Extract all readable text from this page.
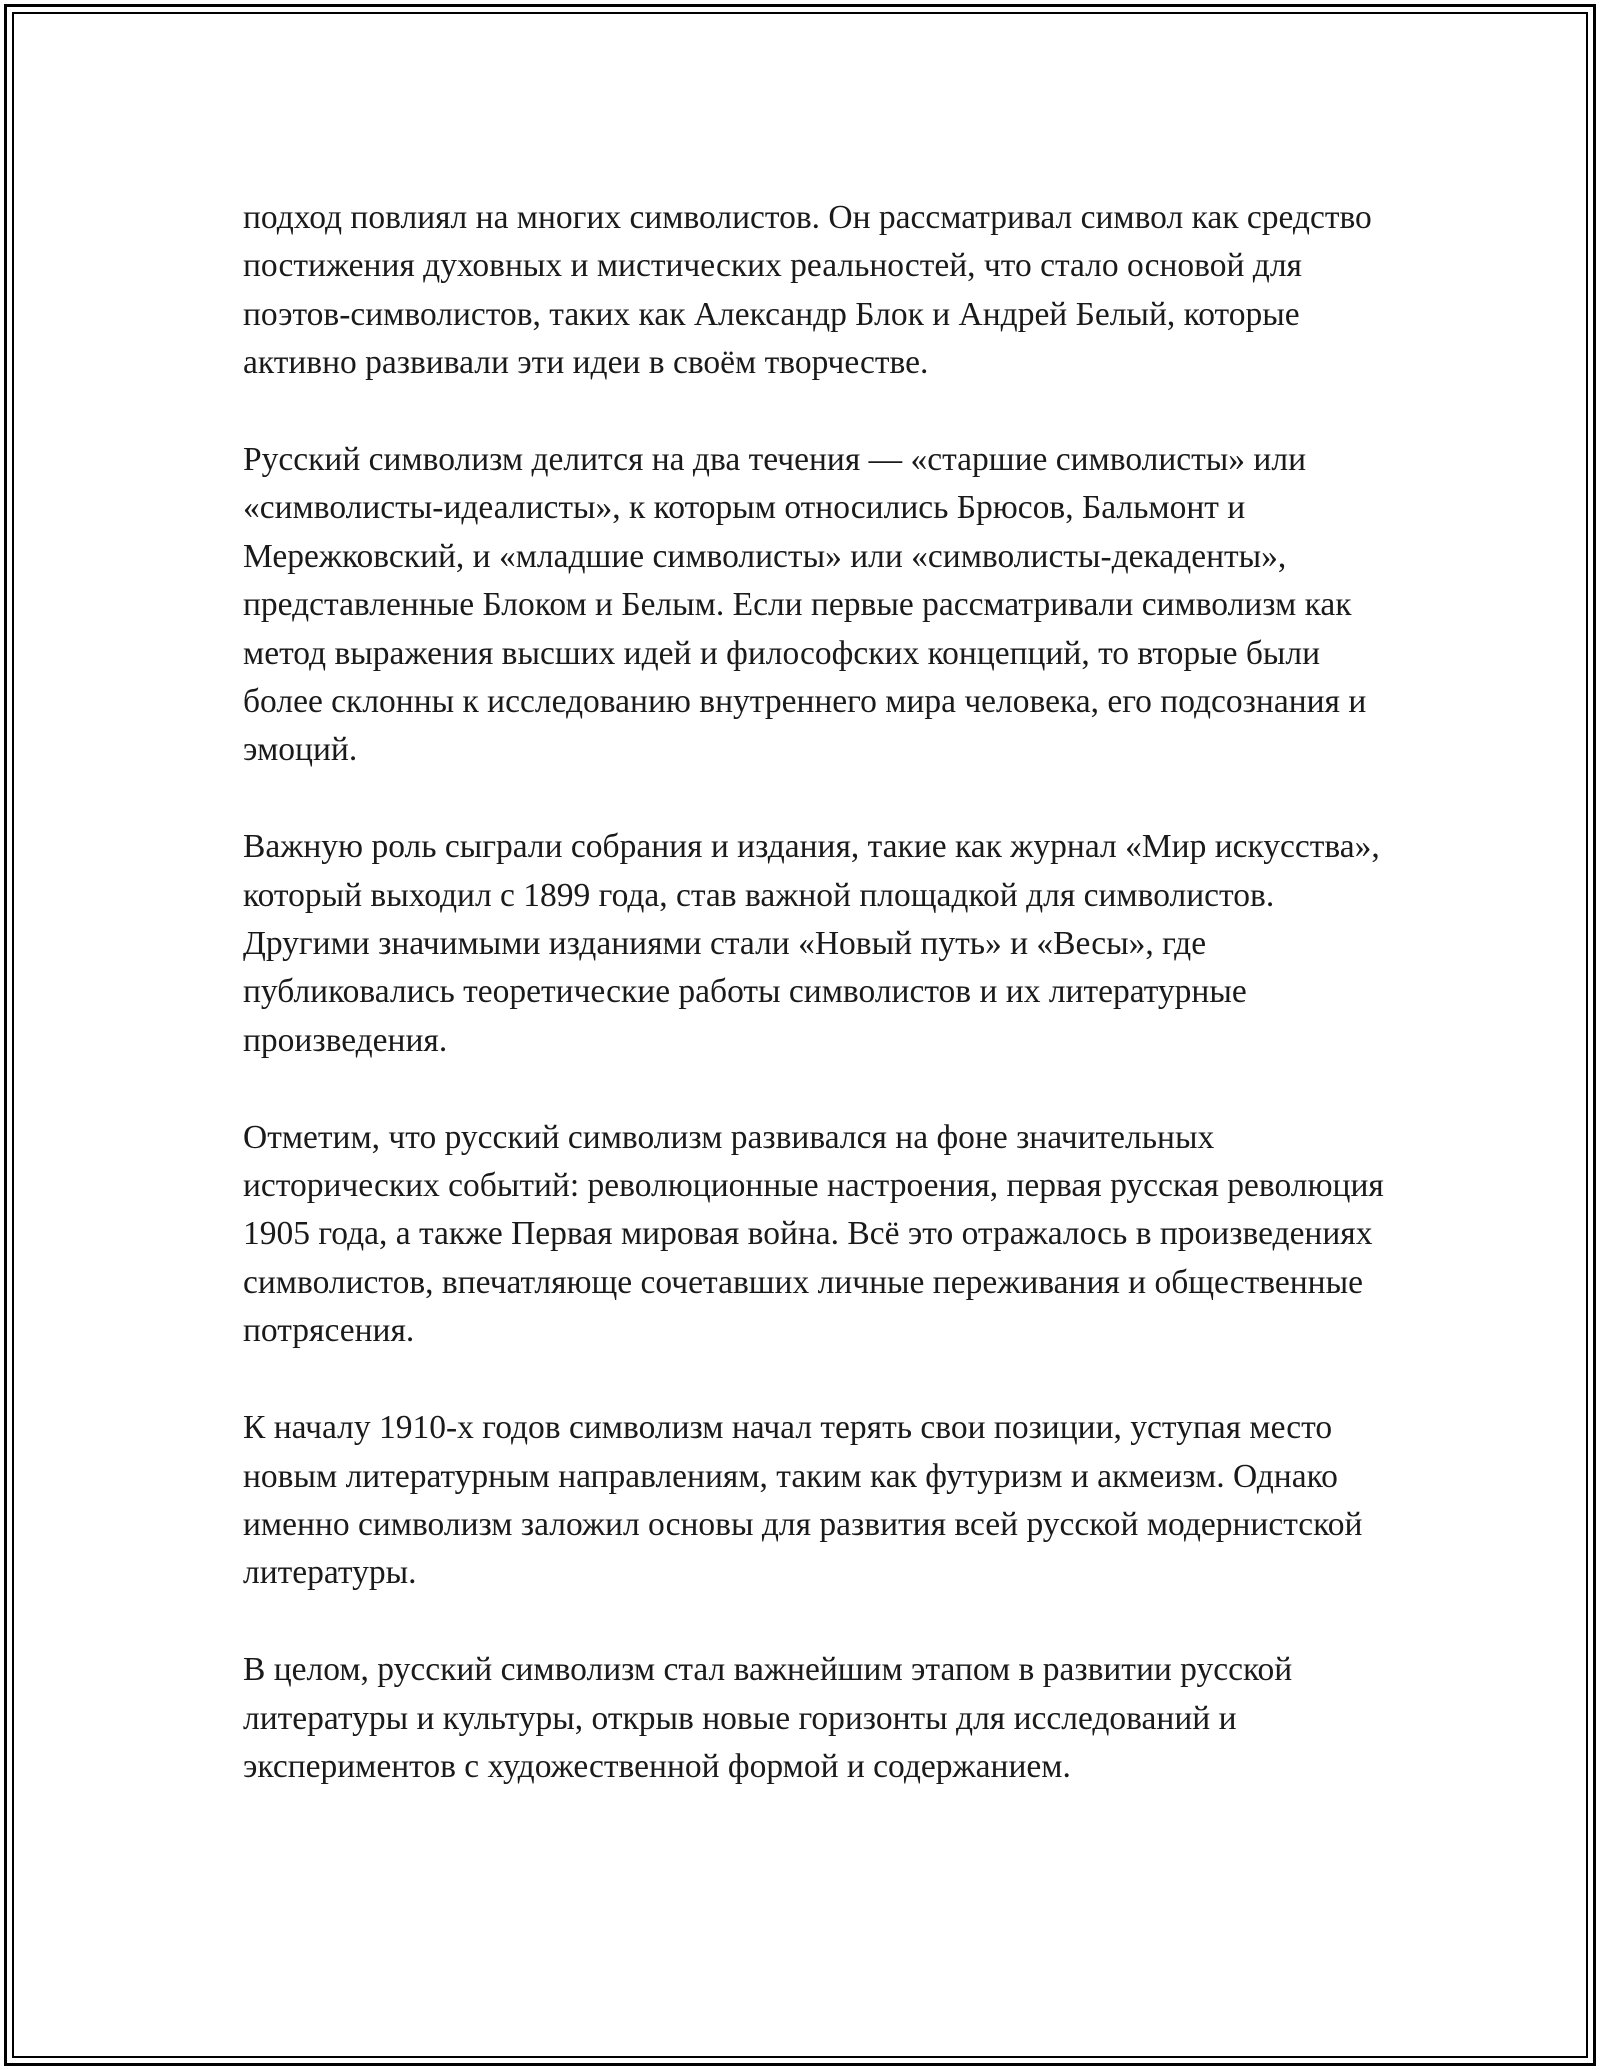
подход повлиял на многих символистов. Он рассматривал символ как средство постижения духовных и мистических реальностей, что стало основой для поэтов-символистов, таких как Александр Блок и Андрей Белый, которые активно развивали эти идеи в своём творчестве.

Русский символизм делится на два течения — «старшие символисты» или «символисты-идеалисты», к которым относились Брюсов, Бальмонт и Мережковский, и «младшие символисты» или «символисты-декаденты», представленные Блоком и Белым. Если первые рассматривали символизм как метод выражения высших идей и философских концепций, то вторые были более склонны к исследованию внутреннего мира человека, его подсознания и эмоций.

Важную роль сыграли собрания и издания, такие как журнал «Мир искусства», который выходил с 1899 года, став важной площадкой для символистов. Другими значимыми изданиями стали «Новый путь» и «Весы», где публиковались теоретические работы символистов и их литературные произведения.

Отметим, что русский символизм развивался на фоне значительных исторических событий: революционные настроения, первая русская революция 1905 года, а также Первая мировая война. Всё это отражалось в произведениях символистов, впечатляюще сочетавших личные переживания и общественные потрясения.

К началу 1910-х годов символизм начал терять свои позиции, уступая место новым литературным направлениям, таким как футуризм и акмеизм. Однако именно символизм заложил основы для развития всей русской модернистской литературы.

В целом, русский символизм стал важнейшим этапом в развитии русской литературы и культуры, открыв новые горизонты для исследований и экспериментов с художественной формой и содержанием.
